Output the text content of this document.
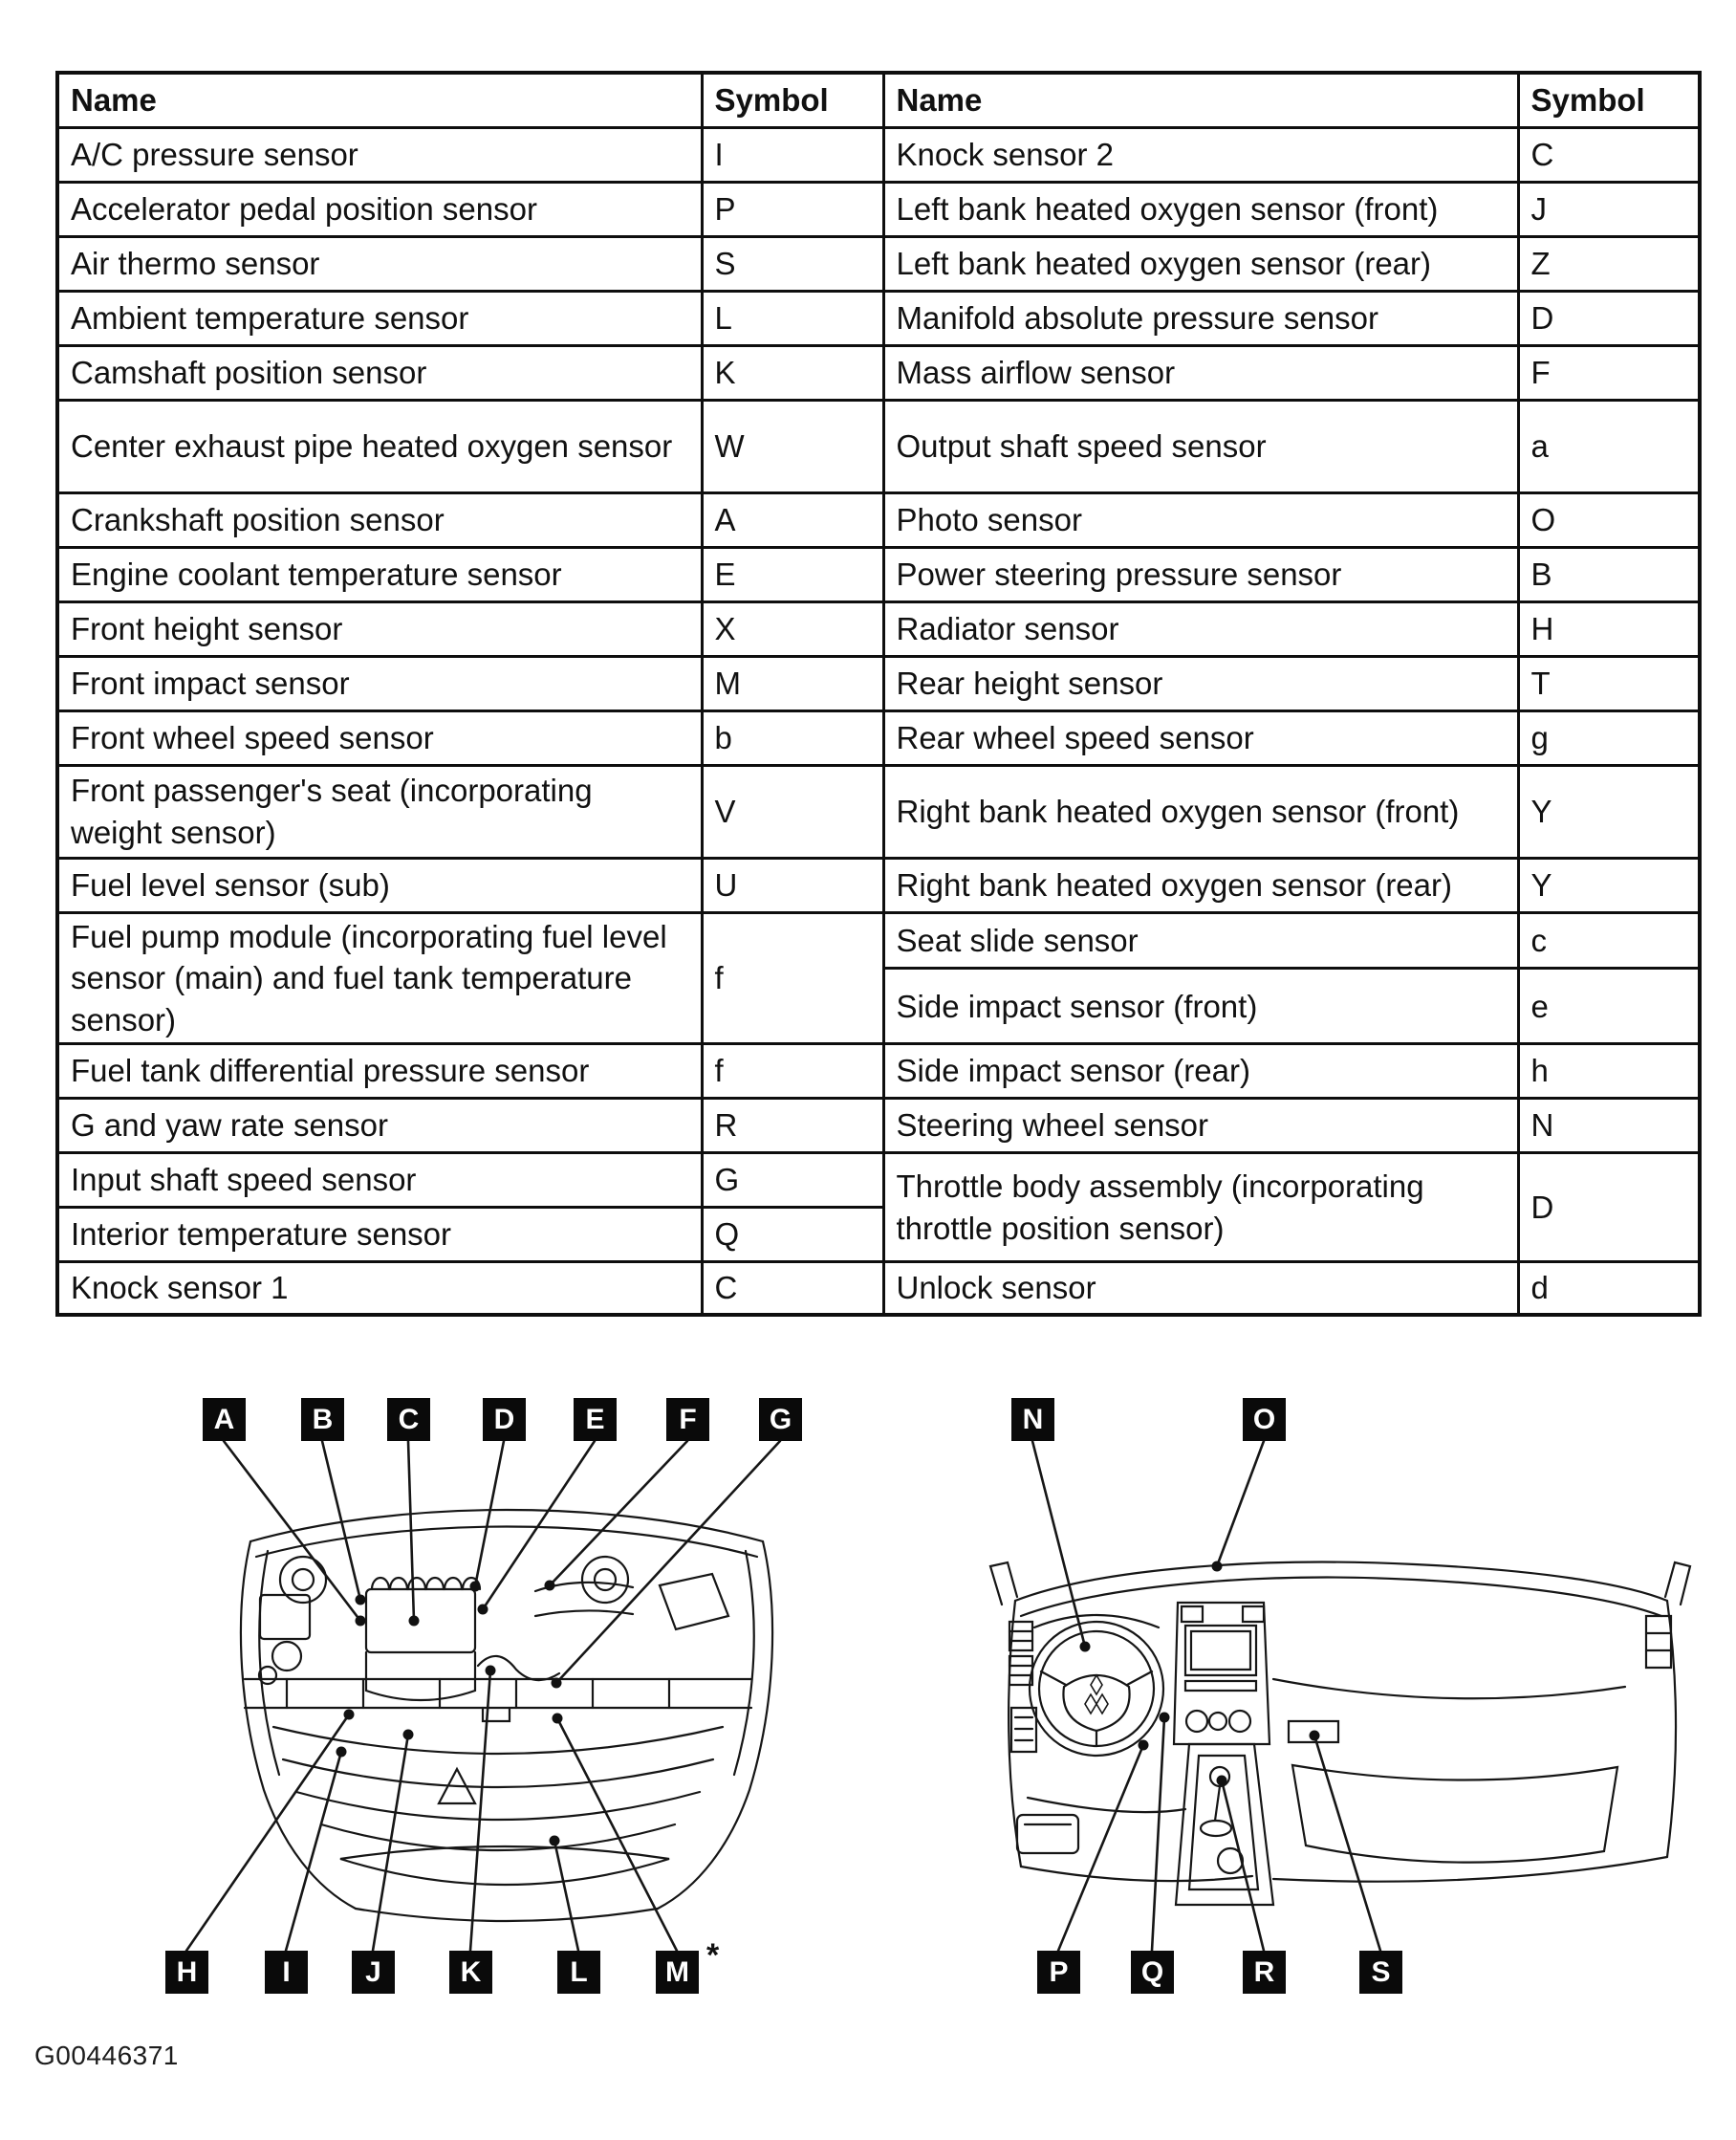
Name	Symbol	Name	Symbol
A/C pressure sensor	I	Knock sensor 2	C
Accelerator pedal position sensor	P	Left bank heated oxygen sensor (front)	J
Air thermo sensor	S	Left bank heated oxygen sensor (rear)	Z
Ambient temperature sensor	L	Manifold absolute pressure sensor	D
Camshaft position sensor	K	Mass airflow sensor	F
Center exhaust pipe heated oxygen sensor	W	Output shaft speed sensor	a
Crankshaft position sensor	A	Photo sensor	O
Engine coolant temperature sensor	E	Power steering pressure sensor	B
Front height sensor	X	Radiator sensor	H
Front impact sensor	M	Rear height sensor	T
Front wheel speed sensor	b	Rear wheel speed sensor	g
Front passenger's seat (incorporating weight sensor)	V	Right bank heated oxygen sensor (front)	Y
Fuel level sensor (sub)	U	Right bank heated oxygen sensor (rear)	Y
Fuel pump module (incorporating fuel level sensor (main) and fuel tank temperature sensor)	f	Seat slide sensor	c
		Side impact sensor (front)	e
Fuel tank differential pressure sensor	f	Side impact sensor (rear)	h
G and yaw rate sensor	R	Steering wheel sensor	N
Input shaft speed sensor	G	Throttle body assembly (incorporating throttle position sensor)	D
Interior temperature sensor	Q		
Knock sensor 1	C	Unlock sensor	d
A	B	C	D	E	F	G
H	I	J	K	L	M
N	O
P	Q	R	S
*
G00446371
